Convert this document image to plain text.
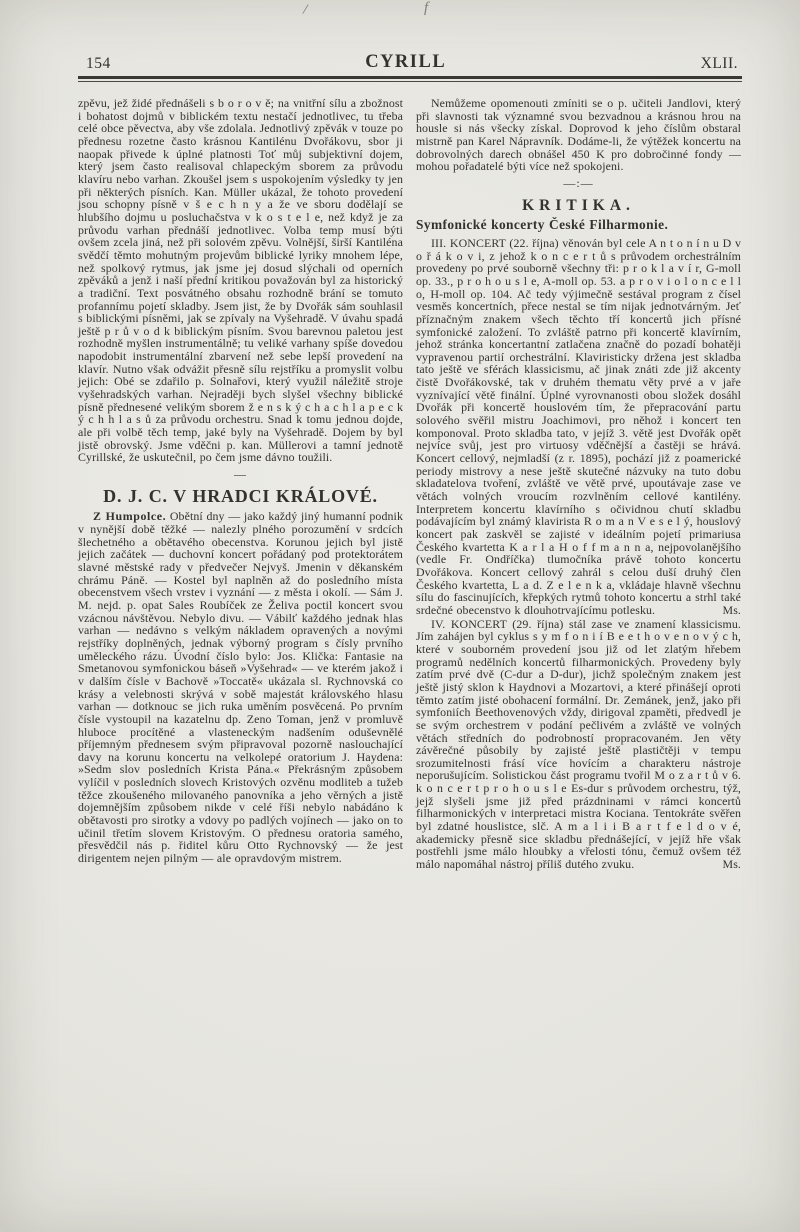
/	f
154	CYRILL	XLII.

zpěvu, jež židé přednášeli s b o r o v ě; na vnitřní sílu a zbožnost i bohatost dojmů v biblickém textu nestačí jednotlivec, tu třeba celé obce pěvectva, aby vše zdolala. Jednotlivý zpěvák v touze po přednesu rozetne často krásnou Kantilénu Dvořákovu, sbor ji naopak přivede k úplné platnosti Toť můj subjektivní dojem, který jsem často realisoval chlapeckým sborem za průvodu klavíru nebo varhan. Zkoušel jsem s uspokojením výsledky ty jen při některých písních. Kan. Müller ukázal, že tohoto provedení jsou schopny písně v š e c h n y a že ve sboru dodělají se hlubšího dojmu u posluchačstva v k o s t e l e, než když je za průvodu varhan přednáší jednotlivec. Volba temp musí býti ovšem zcela jiná, než při solovém zpěvu. Volnější, širší Kantiléna svědčí těmto mohutným projevům biblické lyriky mnohem lépe, než spolkový rytmus, jak jsme jej dosud slýchali od operních zpěváků a jenž i naší přední kritikou považován byl za historický a tradiční. Text posvátného obsahu rozhodně brání se tomuto profannímu pojetí skladby. Jsem jist, že by Dvořák sám souhlasil s biblickými písněmi, jak se zpívaly na Vyšehradě. V úvahu spadá ještě p r ů v o d k biblickým písním. Svou barevnou paletou jest rozhodně myšlen instrumentálně; tu veliké varhany spíše dovedou napodobit instrumentální zbarvení než sebe lepší provedení na klavír. Nutno však odvážit přesně sílu rejstříku a promyslit volbu jejich: Obé se zdařilo p. Solnařovi, který využil náležitě stroje vyšehradských varhan. Nejraději bych slyšel všechny biblické písně přednesené velikým sborem ž e n s k ý c h a c h l a p e c k ý c h h l a s ů za průvodu orchestru. Snad k tomu jednou dojde, ale při volbě těch temp, jaké byly na Vyšehradě. Dojem by byl jistě obrovský. Jsme vděčni p. kan. Müllerovi a tamní jednotě Cyrillské, že uskutečnil, po čem jsme dávno toužili.

—
D. J. C. V HRADCI KRÁLOVÉ.

Z Humpolce. Obětní dny — jako každý jiný humanní podnik v nynější době těžké — nalezly plného porozumění v srdcích šlechetného a obětavého obecenstva. Korunou jejich byl jistě jejich začátek — duchovní koncert pořádaný pod protektorátem slavné městské rady v předvečer Nejvyš. Jmenin v děkanském chrámu Páně. — Kostel byl naplněn až do posledního místa obecenstvem všech vrstev i vyznání — z města i okolí. — Sám J. M. nejd. p. opat Sales Roubíček ze Želiva poctil koncert svou vzácnou návštěvou. Nebylo divu. — Vábilť každého jednak hlas varhan — nedávno s velkým nákladem opravených a novými rejstříky doplněných, jednak výborný program s čísly prvního uměleckého rázu. Úvodní číslo bylo: Jos. Klička: Fantasie na Smetanovou symfonickou báseň »Vyšehrad« — ve kterém jakož i v dalším čísle v Bachově »Toccatě« ukázala sl. Rychnovská co krásy a velebnosti skrývá v sobě majestát královského hlasu varhan — dotknouc se jich ruka uměním posvěcená. Po prvním čísle vystoupil na kazatelnu dp. Zeno Toman, jenž v promluvě hluboce procítěné a vlasteneckým nadšením oduševnělé příjemným přednesem svým připravoval pozorně naslouchající davy na korunu koncertu na velkolepé oratorium J. Haydena: »Sedm slov posledních Krista Pána.« Překrásným způsobem vylíčil v posledních slovech Kristových ozvěnu modliteb a tužeb těžce zkoušeného milovaného panovníka a jeho věrných a jistě dojemnějším způsobem nikde v celé říši nebylo nabádáno k obětavosti pro sirotky a vdovy po padlých vojínech — jako on to učinil třetím slovem Kristovým. O přednesu oratoria samého, přesvědčil nás p. řiditel kůru Otto Rychnovský — že jest dirigentem nejen pilným — ale opravdovým mistrem.

Nemůžeme opomenouti zmíniti se o p. učiteli Jandlovi, který při slavnosti tak významné svou bezvadnou a krásnou hrou na housle si nás všecky získal. Doprovod k jeho číslům obstaral mistrně pan Karel Nápravník. Dodáme-li, že výtěžek koncertu na dobrovolných darech obnášel 450 K pro dobročinné fondy — mohou pořadatelé býti více než spokojeni.

—:—
KRITIKA.
Symfonické koncerty České Filharmonie.

III. KONCERT (22. října) věnován byl cele A n t o n í n u D v o ř á k o v i, z jehož k o n c e r t ů s průvodem orchestrálním provedeny po prvé souborně všechny tři: p r o k l a v í r, G-moll op. 33., p r o h o u s l e, A-moll op. 53. a p r o v i o l o n c e l l o, H-moll op. 104. Ač tedy výjimečně sestával program z čísel vesměs koncertních, přece nestal se tím nijak jednotvárným. Jeť příznačným znakem všech těchto tří koncertů jich přísné symfonické založení. To zvláště patrno při koncertě klavírním, jehož stránka koncertantní zatlačena značně do pozadí bohatěji vypravenou partií orchestrální. Klaviristicky držena jest skladba tato ještě ve sférách klassicismu, ač jinak znáti zde již akcenty čistě Dvořákovské, tak v druhém thematu věty prvé a v jaře vyznívající větě finální. Úplné vyrovnanosti obou složek dosáhl Dvořák při koncertě houslovém tím, že přepracování partu solového svěřil mistru Joachimovi, pro něhož i koncert ten komponoval. Proto skladba tato, v jejíž 3. větě jest Dvořák opět nejvíce svůj, jest pro virtuosy vděčnější a častěji se hrává. Koncert cellový, nejmladší (z r. 1895), pochází již z poamerické periody mistrovy a nese ještě skutečné názvuky na tuto dobu skladatelova tvoření, zvláště ve větě prvé, upoutávaje zase ve větách volných vroucím rozvlněním cellové kantilény. Interpretem koncertu klavírního s očividnou chutí skladbu podávajícím byl známý klavirista R o m a n V e s e l ý, houslový koncert pak zaskvěl se zajisté v ideálním pojetí primariusa Českého kvartetta K a r l a H o f f m a n n a, nejpovolanějšího (vedle Fr. Ondříčka) tlumočníka právě tohoto koncertu Dvořákova. Koncert cellový zahrál s celou duší druhý člen Českého kvartetta, L a d. Z e l e n k a, vkládaje hlavně všechnu sílu do fascinujících, křepkých rytmů tohoto koncertu a strhl také srdečné obecenstvo k dlouhotrvajícímu potlesku.	Ms.

IV. KONCERT (29. října) stál zase ve znamení klassicismu. Jím zahájen byl cyklus s y m f o n i í B e e t h o v e n o v ý c h, které v souborném provedení jsou již od let zlatým hřebem programů nedělních koncertů filharmonických. Provedeny byly zatím prvé dvě (C-dur a D-dur), jichž společným znakem jest ještě jistý sklon k Haydnovi a Mozartovi, a které přinášejí oproti těmto zatím jisté obohacení formální. Dr. Zemánek, jenž, jako při symfoniích Beethovenových vždy, dirigoval zpaměti, předvedl je se svým orchestrem v podání pečlivém a zvláště ve volných větách středních do podrobností propracovaném. Jen věty závěrečné působily by zajisté ještě plastičtěji v tempu srozumitelnosti frásí více hovícím a charakteru nástroje neporušujícím. Solistickou část programu tvořil M o z a r t ů v 6. k o n c e r t p r o h o u s l e Es-dur s průvodem orchestru, týž, jejž slyšeli jsme již před prázdninami v rámci koncertů filharmonických v interpretaci mistra Kociana. Tentokráte svěřen byl zdatné houslistce, slč. A m a l i i B a r t f e l d o v é, akademicky přesně sice skladbu přednášející, v jejíž hře však postřehli jsme málo hloubky a vřelosti tónu, čemuž ovšem též málo napomáhal nástroj příliš dutého zvuku.	Ms.
